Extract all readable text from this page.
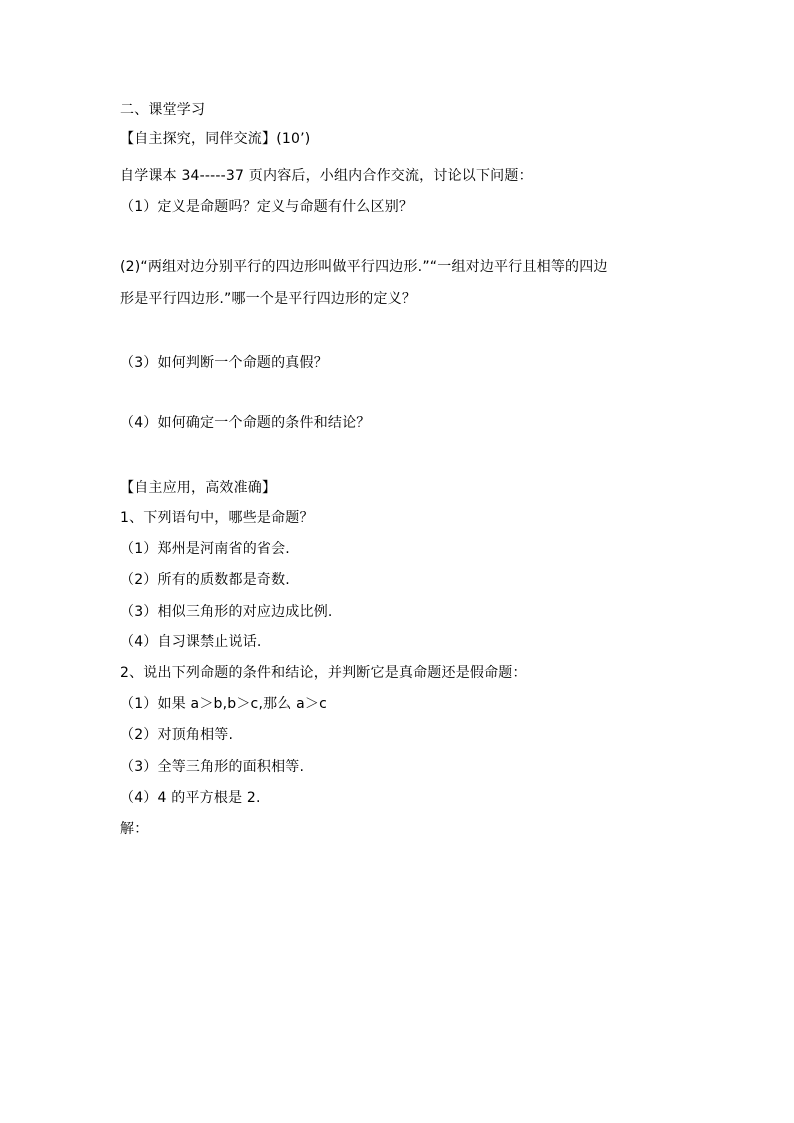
二、课堂学习
【自主探究，同伴交流】(10’)
自学课本 34-----37 页内容后，小组内合作交流，讨论以下问题：
（1）定义是命题吗？定义与命题有什么区别？
(2)“两组对边分别平行的四边形叫做平行四边形.”“一组对边平行且相等的四边
形是平行四边形.”哪一个是平行四边形的定义？
（3）如何判断一个命题的真假？
（4）如何确定一个命题的条件和结论？
【自主应用，高效准确】
1、下列语句中，哪些是命题？
（1）郑州是河南省的省会.
（2）所有的质数都是奇数.
（3）相似三角形的对应边成比例.
（4）自习课禁止说话.
2、说出下列命题的条件和结论，并判断它是真命题还是假命题：
（1）如果 a＞b,b＞c,那么 a＞c
（2）对顶角相等.
（3）全等三角形的面积相等.
（4）4 的平方根是 2.
解：
